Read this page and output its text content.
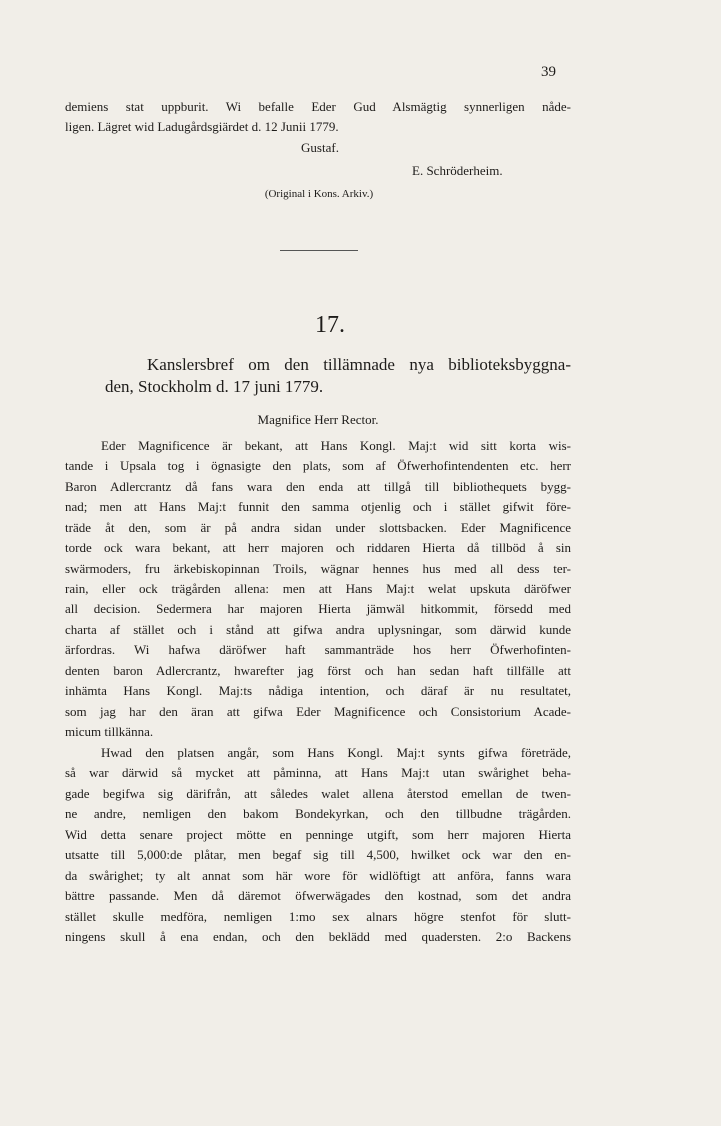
39
demiens stat uppburit. Wi befalle Eder Gud Alsmägtig synnerligen nåde-
ligen. Lägret wid Ladugårdsgiärdet d. 12 Junii 1779.
Gustaf.
E. Schröderheim.
(Original i Kons. Arkiv.)
17.
Kanslersbref om den tillämnade nya biblioteksbyggna-
den, Stockholm d. 17 juni 1779.
Magnifice Herr Rector.
Eder Magnificence är bekant, att Hans Kongl. Maj:t wid sitt korta wis-
tande i Upsala tog i ögnasigte den plats, som af Öfwerhofintendenten etc. herr
Baron Adlercrantz då fans wara den enda att tillgå till bibliothequets bygg-
nad; men att Hans Maj:t funnit den samma otjenlig och i stället gifwit före-
träde åt den, som är på andra sidan under slottsbacken. Eder Magnificence
torde ock wara bekant, att herr majoren och riddaren Hierta då tillböd å sin
swärmoders, fru ärkebiskopinnan Troils, wägnar hennes hus med all dess ter-
rain, eller ock trägården allena: men att Hans Maj:t welat upskuta däröfwer
all decision. Sedermera har majoren Hierta jämwäl hitkommit, försedd med
charta af stället och i stånd att gifwa andra uplysningar, som därwid kunde
ärfordras. Wi hafwa däröfwer haft sammanträde hos herr Öfwerhofinten-
denten baron Adlercrantz, hwarefter jag först och han sedan haft tillfälle att
inhämta Hans Kongl. Maj:ts nådiga intention, och däraf är nu resultatet,
som jag har den äran att gifwa Eder Magnificence och Consistorium Acade-
micum tillkänna.
Hwad den platsen angår, som Hans Kongl. Maj:t synts gifwa företräde,
så war därwid så mycket att påminna, att Hans Maj:t utan swårighet beha-
gade begifwa sig därifrån, att således walet allena återstod emellan de twen-
ne andre, nemligen den bakom Bondekyrkan, och den tillbudne trägården.
Wid detta senare project mötte en penninge utgift, som herr majoren Hierta
utsatte till 5,000:de plåtar, men begaf sig till 4,500, hwilket ock war den en-
da swårighet; ty alt annat som här wore för widlöftigt att anföra, fanns wara
bättre passande. Men då däremot öfwerwägades den kostnad, som det andra
stället skulle medföra, nemligen 1:mo sex alnars högre stenfot för slutt-
ningens skull å ena endan, och den beklädd med quadersten. 2:o Backens
